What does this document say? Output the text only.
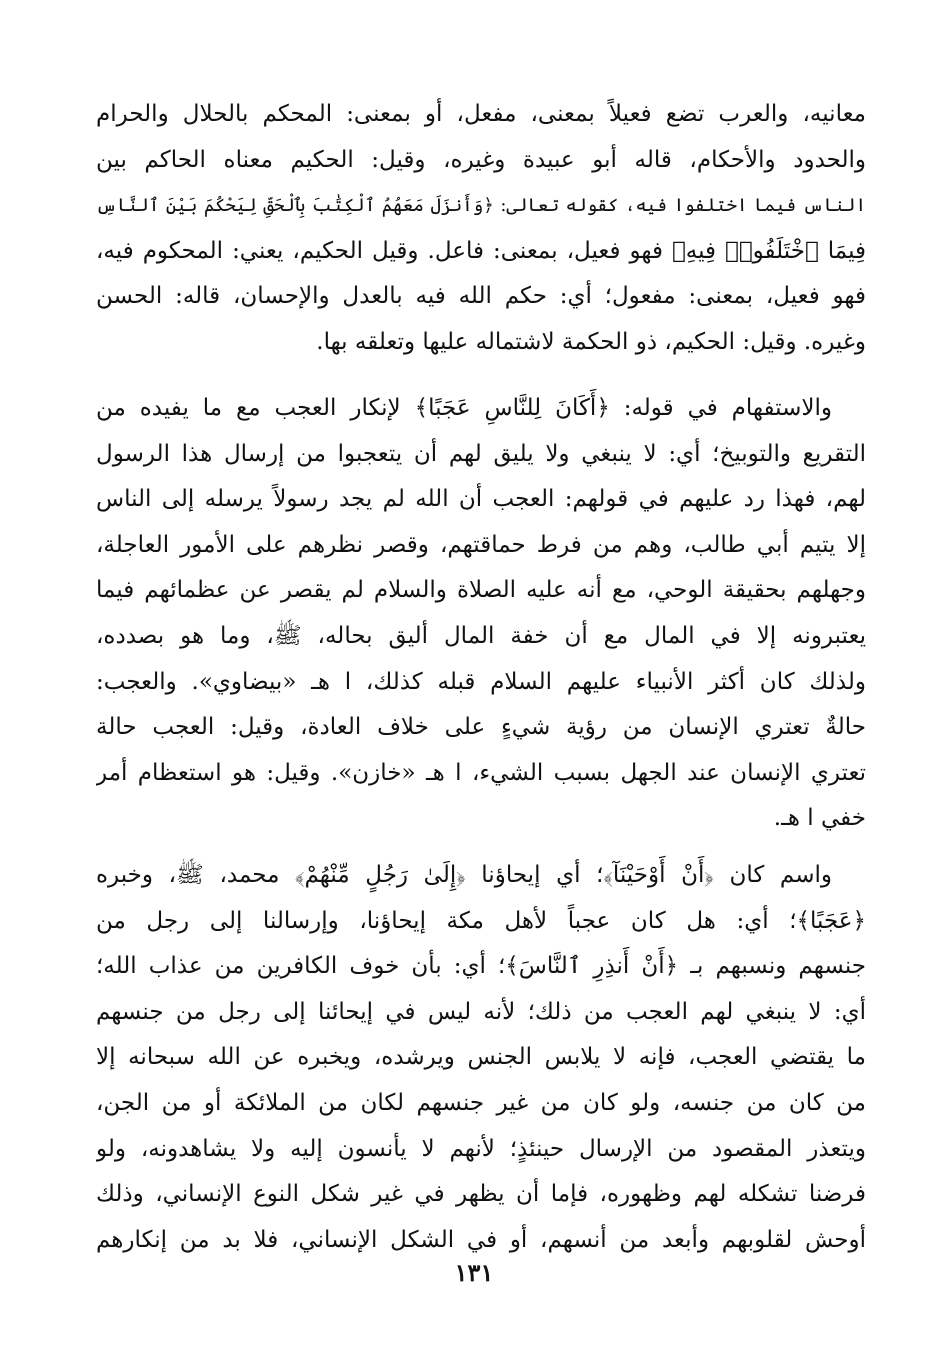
معانيه، والعرب تضع فعيلاً بمعنى، مفعل، أو بمعنى: المحكم بالحلال والحرام
والحدود والأحكام، قاله أبو عبيدة وغيره، وقيل: الحكيم معناه الحاكم بين
الناس فيما اختلفوا فيه، كقوله تعالى: ﴿وَأَنزَلَ مَعَهُمُ ٱلْكِتَٰبَ بِٱلْحَقِّ لِيَحْكُمَ بَيْنَ ٱلنَّاسِ
فِيمَا ٱخْتَلَفُوا۟ فِيهِ﴾ فهو فعيل، بمعنى: فاعل. وقيل الحكيم، يعني: المحكوم فيه،
فهو فعيل، بمعنى: مفعول؛ أي: حكم الله فيه بالعدل والإحسان، قاله: الحسن
وغيره. وقيل: الحكيم، ذو الحكمة لاشتماله عليها وتعلقه بها.
والاستفهام في قوله: ﴿أَكَانَ لِلنَّاسِ عَجَبًا﴾ لإنكار العجب مع ما يفيده من
التقريع والتوبيخ؛ أي: لا ينبغي ولا يليق لهم أن يتعجبوا من إرسال هذا الرسول
لهم، فهذا رد عليهم في قولهم: العجب أن الله لم يجد رسولاً يرسله إلى الناس
إلا يتيم أبي طالب، وهم من فرط حماقتهم، وقصر نظرهم على الأمور العاجلة،
وجهلهم بحقيقة الوحي، مع أنه عليه الصلاة والسلام لم يقصر عن عظمائهم فيما
يعتبرونه إلا في المال مع أن خفة المال أليق بحاله، ﷺ، وما هو بصدده،
ولذلك كان أكثر الأنبياء عليهم السلام قبله كذلك، ا هـ «بيضاوي». والعجب:
حالةٌ تعتري الإنسان من رؤية شيءٍ على خلاف العادة، وقيل: العجب حالة
تعتري الإنسان عند الجهل بسبب الشيء، ا هـ «خازن». وقيل: هو استعظام أمر
خفي ا هـ.
واسم كان ﴿أَنْ أَوْحَيْنَآ﴾؛ أي إيحاؤنا ﴿إِلَىٰ رَجُلٍ مِّنْهُمْ﴾ محمد، ﷺ، وخبره
﴿عَجَبًا﴾؛ أي: هل كان عجباً لأهل مكة إيحاؤنا، وإرسالنا إلى رجل من
جنسهم ونسبهم بـ ﴿أَنْ أَنذِرِ ٱلنَّاسَ﴾؛ أي: بأن خوف الكافرين من عذاب الله؛
أي: لا ينبغي لهم العجب من ذلك؛ لأنه ليس في إيحائنا إلى رجل من جنسهم
ما يقتضي العجب، فإنه لا يلابس الجنس ويرشده، ويخبره عن الله سبحانه إلا
من كان من جنسه، ولو كان من غير جنسهم لكان من الملائكة أو من الجن،
ويتعذر المقصود من الإرسال حينئذٍ؛ لأنهم لا يأنسون إليه ولا يشاهدونه، ولو
فرضنا تشكله لهم وظهوره، فإما أن يظهر في غير شكل النوع الإنساني، وذلك
أوحش لقلوبهم وأبعد من أنسهم، أو في الشكل الإنساني، فلا بد من إنكارهم
١٣١
